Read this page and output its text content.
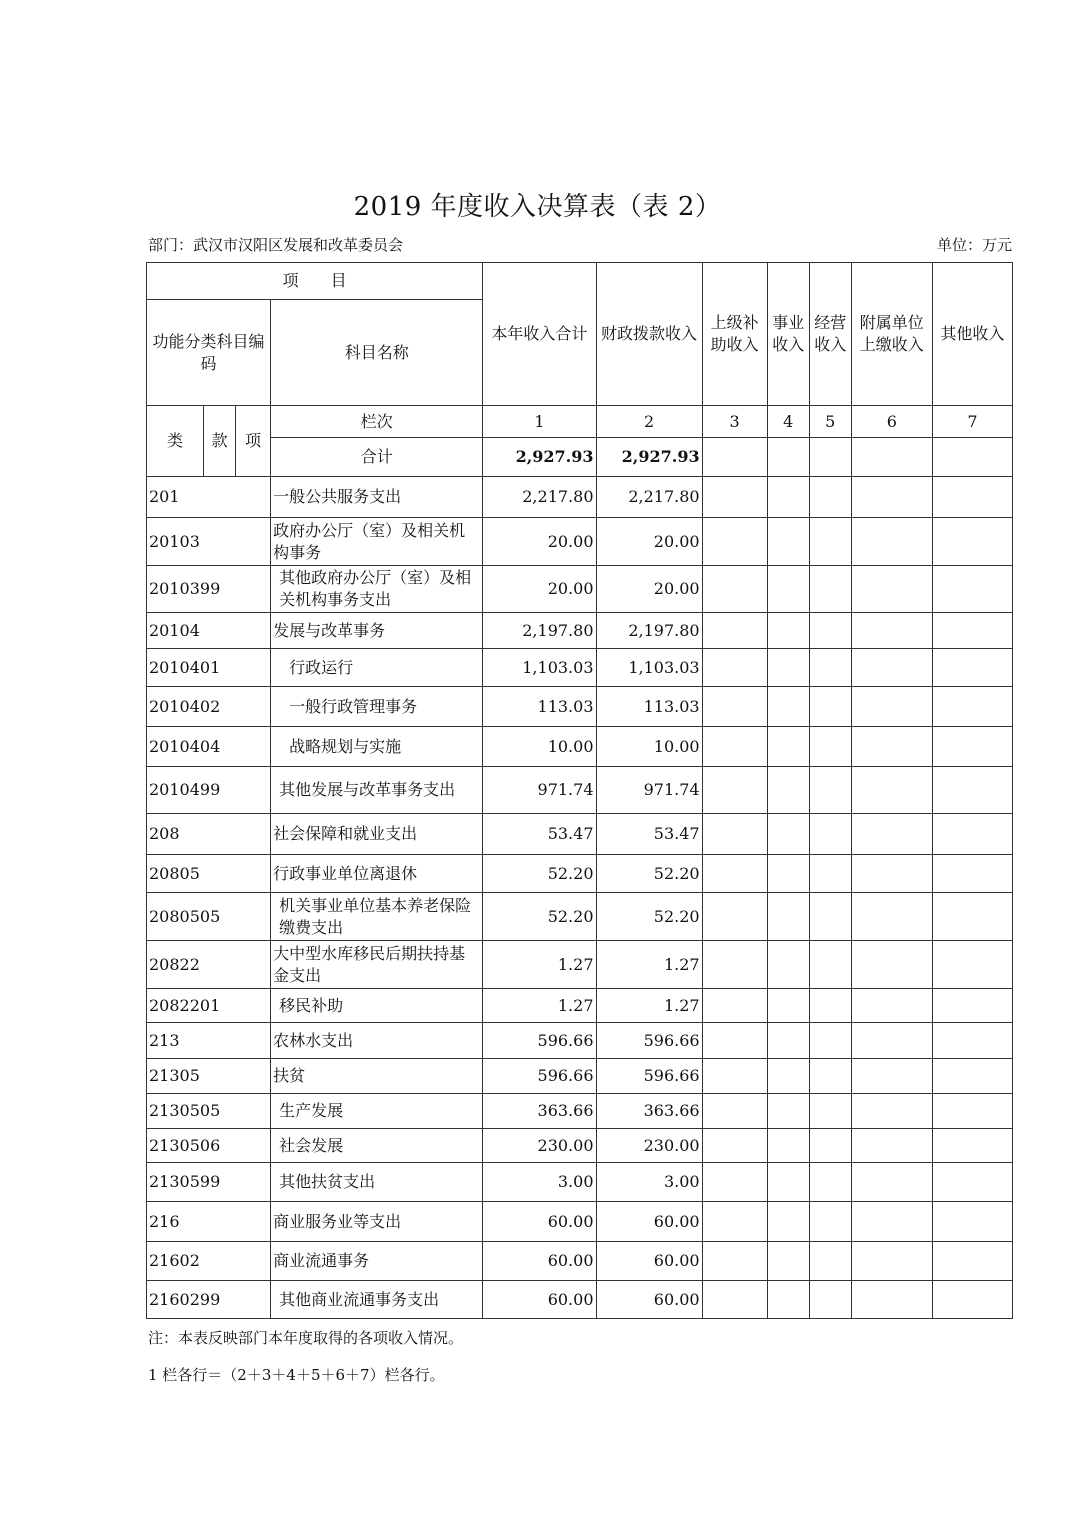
2019 年度收入决算表（表 2）
部门：武汉市汉阳区发展和改革委员会	单位：万元
项　　目				本年收入合计	财政拨款收入	上级补助收入	事业收入	经营收入	附属单位上缴收入	其他收入
功能分类科目编码			科目名称							
类	款	项	栏次	1	2	3	4	5	6	7
			合计	2,927.93	2,927.93					
201			一般公共服务支出	2,217.80	2,217.80					
20103			政府办公厅（室）及相关机构事务	20.00	20.00					
2010399			其他政府办公厅（室）及相关机构事务支出	20.00	20.00					
20104			发展与改革事务	2,197.80	2,197.80					
2010401			行政运行	1,103.03	1,103.03					
2010402			一般行政管理事务	113.03	113.03					
2010404			战略规划与实施	10.00	10.00					
2010499			其他发展与改革事务支出	971.74	971.74					
208			社会保障和就业支出	53.47	53.47					
20805			行政事业单位离退休	52.20	52.20					
2080505			机关事业单位基本养老保险缴费支出	52.20	52.20					
20822			大中型水库移民后期扶持基金支出	1.27	1.27					
2082201			移民补助	1.27	1.27					
213			农林水支出	596.66	596.66					
21305			扶贫	596.66	596.66					
2130505			生产发展	363.66	363.66					
2130506			社会发展	230.00	230.00					
2130599			其他扶贫支出	3.00	3.00					
216			商业服务业等支出	60.00	60.00					
21602			商业流通事务	60.00	60.00					
2160299			其他商业流通事务支出	60.00	60.00					
注：本表反映部门本年度取得的各项收入情况。
1 栏各行＝（2＋3＋4＋5＋6＋7）栏各行。
